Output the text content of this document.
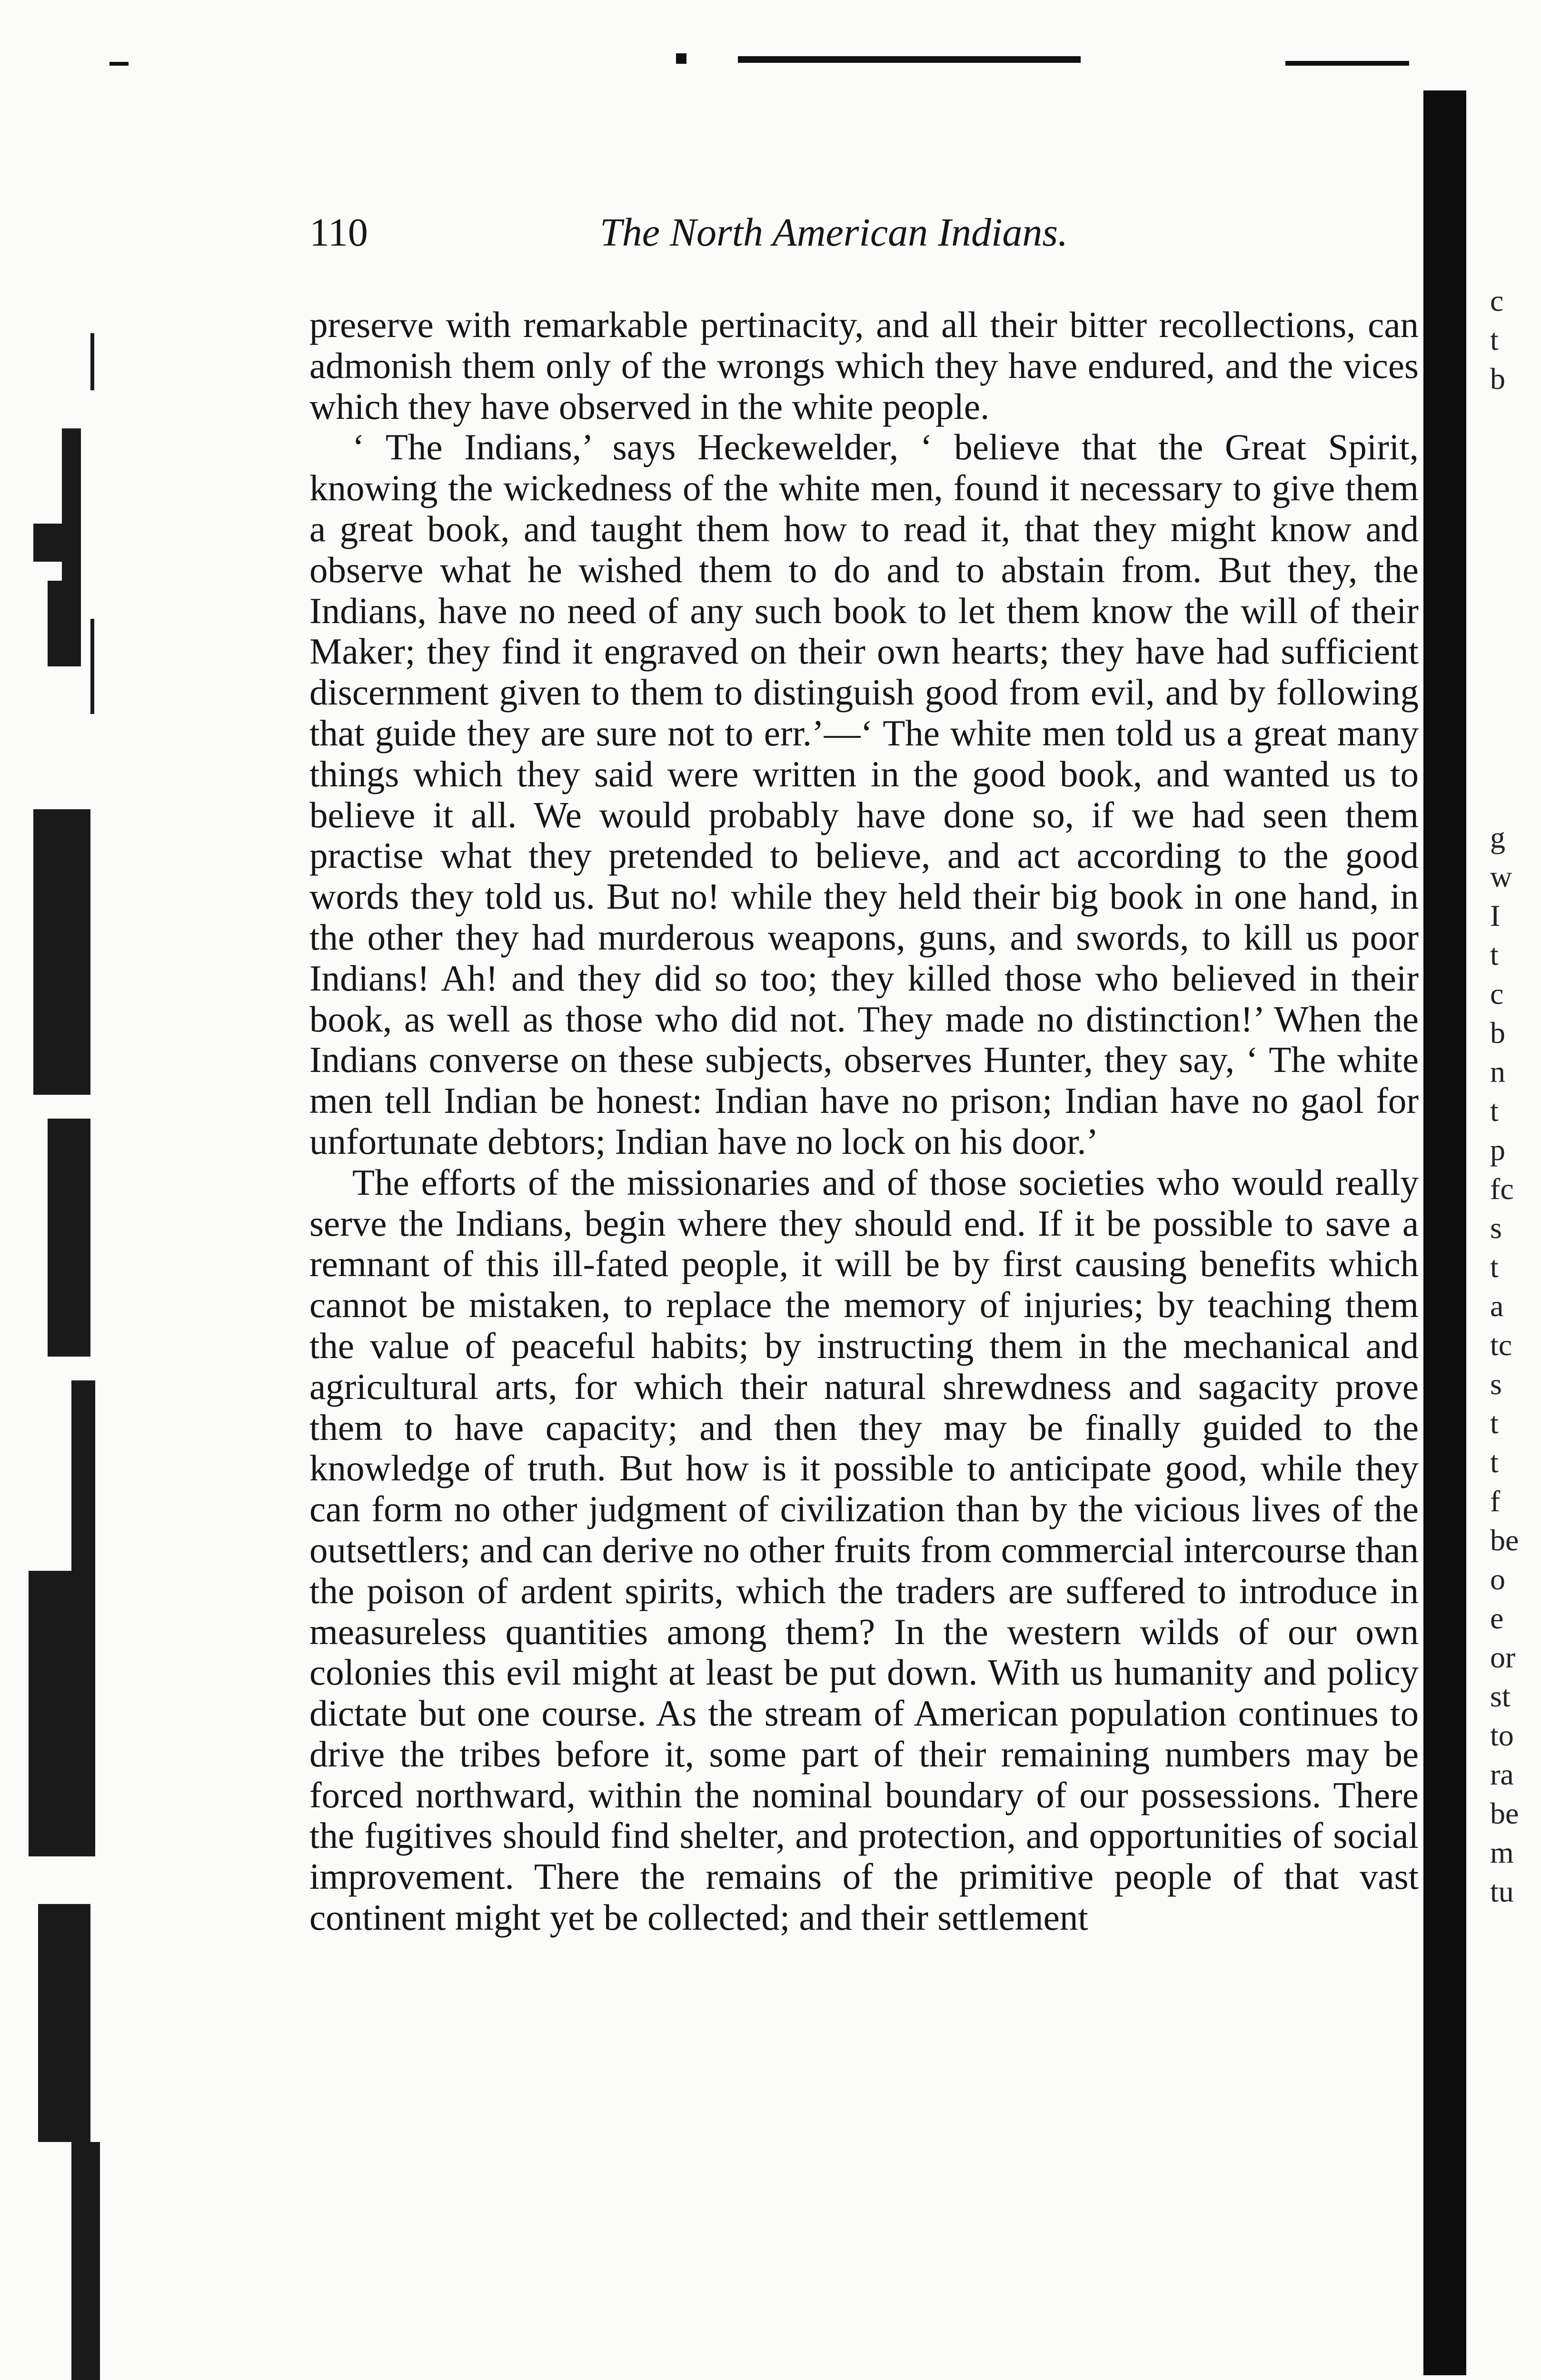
c
t
b
g
w
I
t
c
b
n
t
p
fc
s
t
a
tc
s
t
t
f
be
o
e
or
st
to
ra
be
m
tu
110	The North American Indians.

preserve with remarkable pertinacity, and all their bitter recollections, can admonish them only of the wrongs which they have endured, and the vices which they have observed in the white people.

‘ The Indians,’ says Heckewelder, ‘ believe that the Great Spirit, knowing the wickedness of the white men, found it necessary to give them a great book, and taught them how to read it, that they might know and observe what he wished them to do and to abstain from. But they, the Indians, have no need of any such book to let them know the will of their Maker; they find it engraved on their own hearts; they have had sufficient discernment given to them to distinguish good from evil, and by following that guide they are sure not to err.’—‘ The white men told us a great many things which they said were written in the good book, and wanted us to believe it all. We would probably have done so, if we had seen them practise what they pretended to believe, and act according to the good words they told us. But no! while they held their big book in one hand, in the other they had murderous weapons, guns, and swords, to kill us poor Indians! Ah! and they did so too; they killed those who believed in their book, as well as those who did not. They made no distinction!’ When the Indians converse on these subjects, observes Hunter, they say, ‘ The white men tell Indian be honest: Indian have no prison; Indian have no gaol for unfortunate debtors; Indian have no lock on his door.’

The efforts of the missionaries and of those societies who would really serve the Indians, begin where they should end. If it be possible to save a remnant of this ill-fated people, it will be by first causing benefits which cannot be mistaken, to replace the memory of injuries; by teaching them the value of peaceful habits; by instructing them in the mechanical and agricultural arts, for which their natural shrewdness and sagacity prove them to have capacity; and then they may be finally guided to the knowledge of truth. But how is it possible to anticipate good, while they can form no other judgment of civilization than by the vicious lives of the outsettlers; and can derive no other fruits from commercial intercourse than the poison of ardent spirits, which the traders are suffered to introduce in measureless quantities among them? In the western wilds of our own colonies this evil might at least be put down. With us humanity and policy dictate but one course. As the stream of American population continues to drive the tribes before it, some part of their remaining numbers may be forced northward, within the nominal boundary of our possessions. There the fugitives should find shelter, and protection, and opportunities of social improvement. There the remains of the primitive people of that vast continent might yet be collected; and their settlement
